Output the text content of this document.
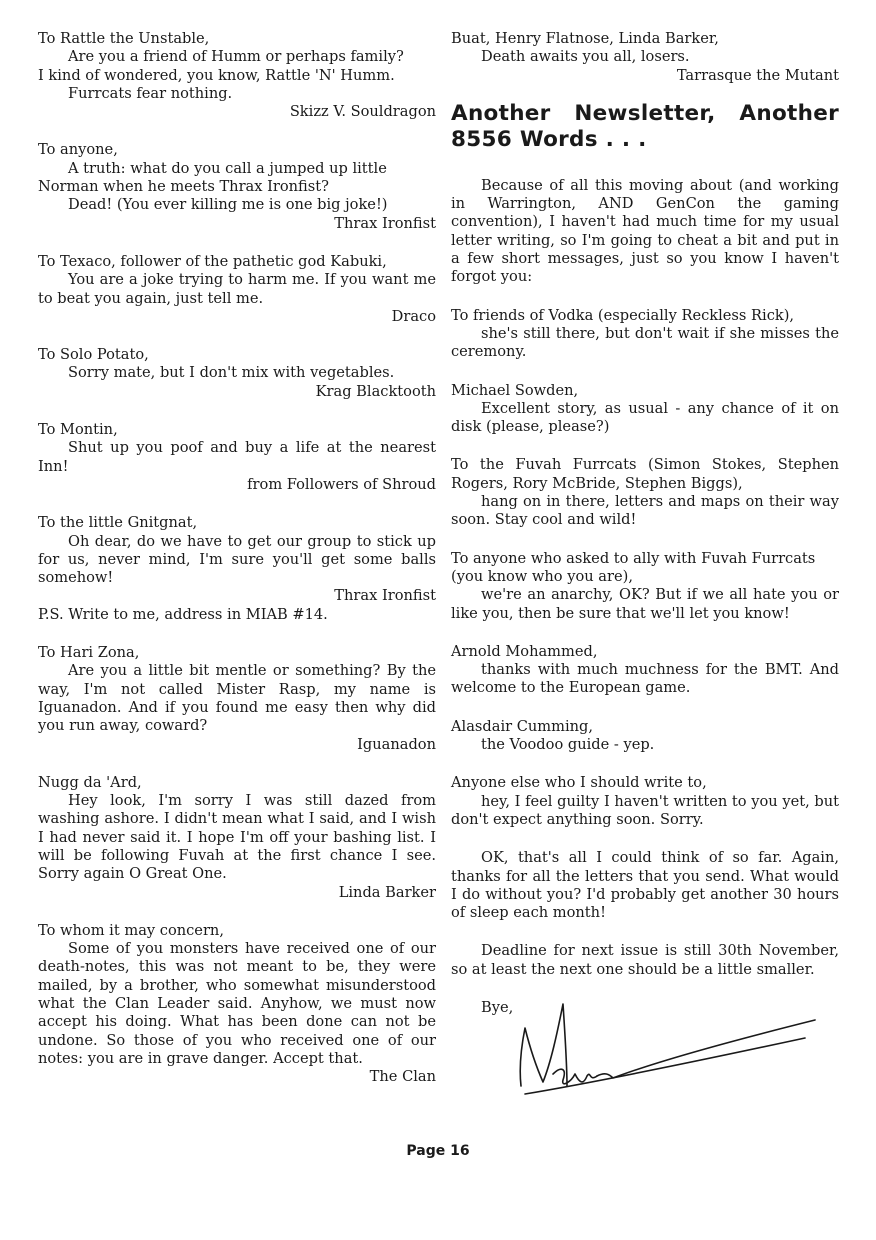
To Rattle the Unstable,

Are you a friend of Humm or perhaps family?

I kind of wondered, you know, Rattle 'N' Humm.

Furrcats fear nothing.

Skizz V. Souldragon

To anyone,

A truth: what do you call a jumped up little Norman when he meets Thrax Ironfist?

Dead! (You ever killing me is one big joke!)

Thrax Ironfist

To Texaco, follower of the pathetic god Kabuki,

You are a joke trying to harm me. If you want me to beat you again, just tell me.

Draco

To Solo Potato,

Sorry mate, but I don't mix with vegetables.

Krag Blacktooth

To Montin,

Shut up you poof and buy a life at the nearest Inn!

from Followers of Shroud

To the little Gnitgnat,

Oh dear, do we have to get our group to stick up for us, never mind, I'm sure you'll get some balls somehow!

Thrax Ironfist

P.S. Write to me, address in MIAB #14.

To Hari Zona,

Are you a little bit mentle or something? By the way, I'm not called Mister Rasp, my name is Iguanadon. And if you found me easy then why did you run away, coward?

Iguanadon

Nugg da 'Ard,

Hey look, I'm sorry I was still dazed from washing ashore. I didn't mean what I said, and I wish I had never said it. I hope I'm off your bashing list. I will be following Fuvah at the first chance I see. Sorry again O Great One.

Linda Barker

To whom it may concern,

Some of you monsters have received one of our death-notes, this was not meant to be, they were mailed, by a brother, who somewhat misunderstood what the Clan Leader said. Anyhow, we must now accept his doing. What has been done can not be undone. So those of you who received one of our notes: you are in grave danger. Accept that.

The Clan

Buat, Henry Flatnose, Linda Barker,

Death awaits you all, losers.

Tarrasque the Mutant

Another Newsletter, Another
8556 Words . . .

Because of all this moving about (and working in Warrington, AND GenCon the gaming convention), I haven't had much time for my usual letter writing, so I'm going to cheat a bit and put in a few short messages, just so you know I haven't forgot you:

To friends of Vodka (especially Reckless Rick),

she's still there, but don't wait if she misses the ceremony.

Michael Sowden,

Excellent story, as usual - any chance of it on disk (please, please?)

To the Fuvah Furrcats (Simon Stokes, Stephen Rogers, Rory McBride, Stephen Biggs),

hang on in there, letters and maps on their way soon. Stay cool and wild!

To anyone who asked to ally with Fuvah Furrcats (you know who you are),

we're an anarchy, OK? But if we all hate you or like you, then be sure that we'll let you know!

Arnold Mohammed,

thanks with much muchness for the BMT. And welcome to the European game.

Alasdair Cumming,

the Voodoo guide - yep.

Anyone else who I should write to,

hey, I feel guilty I haven't written to you yet, but don't expect anything soon. Sorry.

OK, that's all I could think of so far. Again, thanks for all the letters that you send. What would I do without you? I'd probably get another 30 hours of sleep each month!

Deadline for next issue is still 30th November, so at least the next one should be a little smaller.

Bye,

Page 16
